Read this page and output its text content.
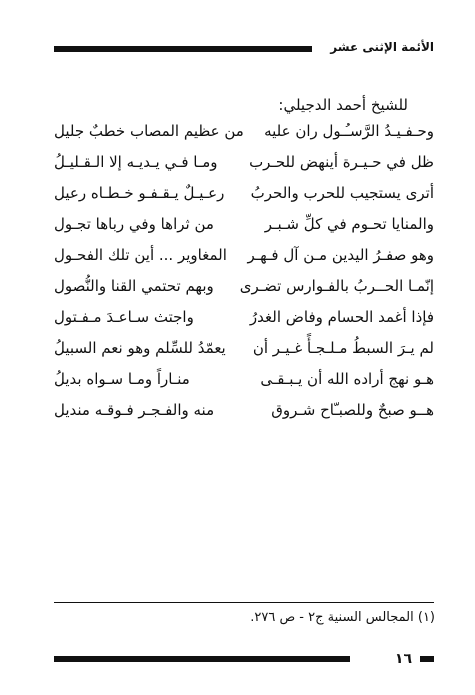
الأئمة الإثنى عشر
للشيخ أحمد الدجيلي:
وحـفـيـدُ الرَّسـُـول ران عليه
من عظيم المصاب خطبٌ جليل
ظل في حـيـرة أينهض للحـرب
ومـا فـي يـديـه إلا الـقـليـلُ
أترى يستجيب للحرب والحربُ
رعـيـلٌ يـقـفـو خـطـاه رعيل
والمنايا تحـوم في كلِّ شـبـر
من ثراها وفي رباها تجـول
وهو صفـرُ اليدين مـن آل فـهـر
المغاوير ... أين تلك الفحـول
إنّمـا الحــربُ بالفـوارس تضـرى
وبهم تحتمي القنا والنُّصول
فإذا أغمد الحسام وفاض الغدرُ
واجتث سـاعـدَ مـفـتول
لم يـرَ السبطُ مـلـجـأً غـيـر أن
يعمّدُ للسِّلم وهو نعم السبيلُ
هـو نهج أراده الله أن يـبـقـى
منـاراً ومـا سـواه بديلُ
هــو صبحٌ وللصبـّاح شـروق
منه والفـجـر فـوقـه منديل
(١) المجالس السنية ج٢ - ص ٢٧٦.
١٦
